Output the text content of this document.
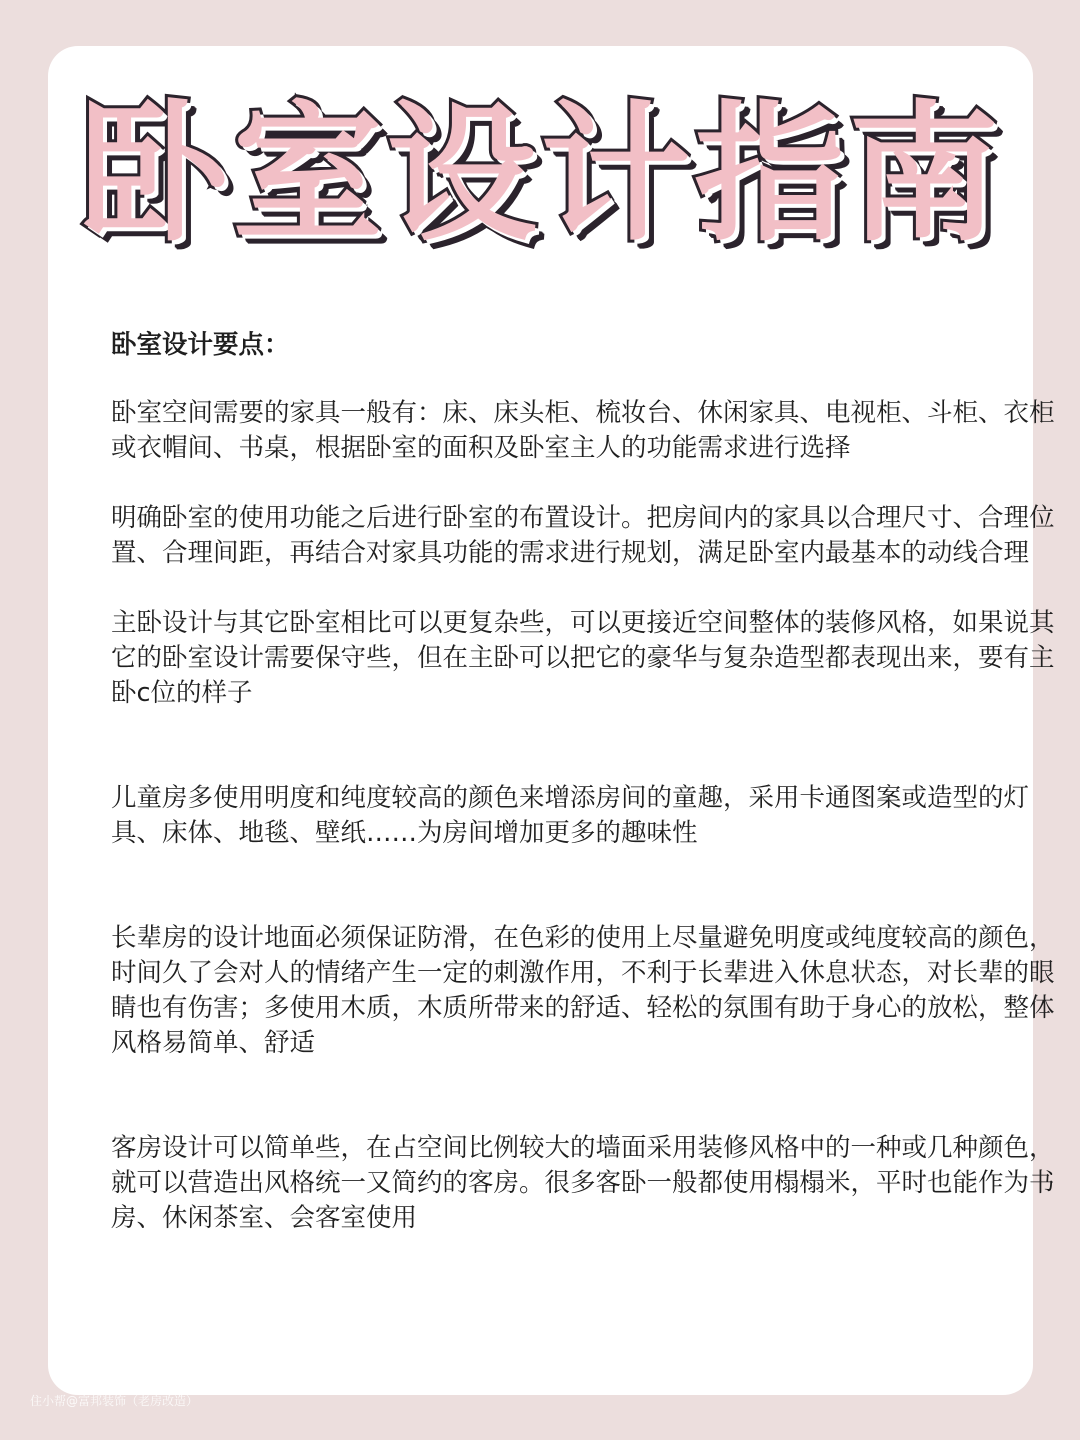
卧室设计指南

卧室设计要点：

卧室空间需要的家具一般有：床、床头柜、梳妆台、休闲家具、电视柜、斗柜、衣柜或衣帽间、书桌，根据卧室的面积及卧室主人的功能需求进行选择

明确卧室的使用功能之后进行卧室的布置设计。把房间内的家具以合理尺寸、合理位置、合理间距，再结合对家具功能的需求进行规划，满足卧室内最基本的动线合理

主卧设计与其它卧室相比可以更复杂些，可以更接近空间整体的装修风格，如果说其它的卧室设计需要保守些，但在主卧可以把它的豪华与复杂造型都表现出来，要有主卧c位的样子

儿童房多使用明度和纯度较高的颜色来增添房间的童趣，采用卡通图案或造型的灯具、床体、地毯、壁纸……为房间增加更多的趣味性

长辈房的设计地面必须保证防滑，在色彩的使用上尽量避免明度或纯度较高的颜色，时间久了会对人的情绪产生一定的刺激作用，不利于长辈进入休息状态，对长辈的眼睛也有伤害；多使用木质，木质所带来的舒适、轻松的氛围有助于身心的放松，整体风格易简单、舒适

客房设计可以简单些，在占空间比例较大的墙面采用装修风格中的一种或几种颜色，就可以营造出风格统一又简约的客房。很多客卧一般都使用榻榻米，平时也能作为书房、休闲茶室、会客室使用

住小帮@富邦装饰（老房改造）
